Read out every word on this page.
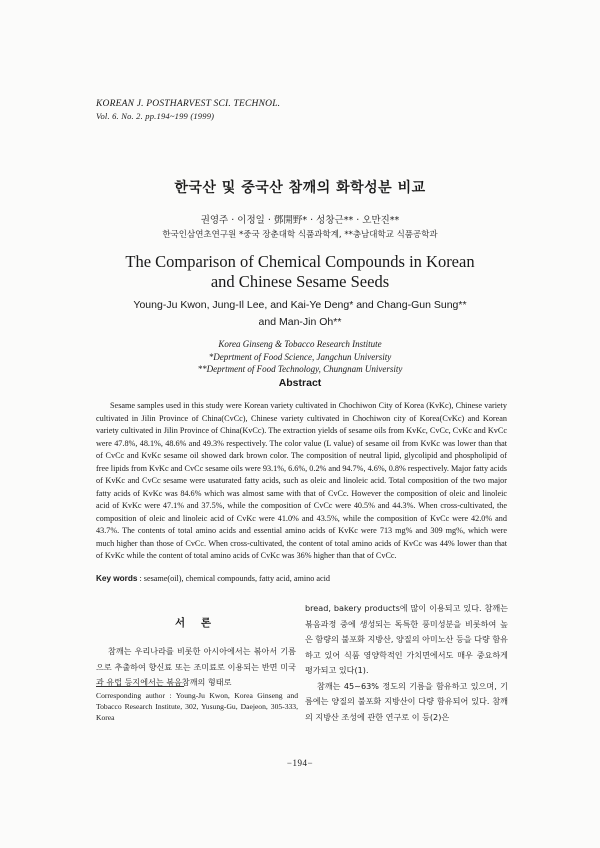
KOREAN J. POSTHARVEST SCI. TECHNOL.
Vol. 6. No. 2. pp.194~199 (1999)
한국산 및 중국산 참깨의 화학성분 비교
권영주 · 이정일 · 鄧開野* · 성창근** · 오만진**
한국인삼연초연구원 *중국 장춘대학 식품과학계, **충남대학교 식품공학과
The Comparison of Chemical Compounds in Korean
and Chinese Sesame Seeds
Young-Ju Kwon, Jung-Il Lee, and Kai-Ye Deng* and Chang-Gun Sung**
and Man-Jin Oh**
Korea Ginseng & Tobacco Research Institute
*Deprtment of Food Science, Jangchun University
**Deprtment of Food Technology, Chungnam University
Abstract

Sesame samples used in this study were Korean variety cultivated in Chochiwon City of Korea (KvKc), Chinese variety cultivated in Jilin Province of China(CvCc), Chinese variety cultivated in Chochiwon city of Korea(CvKc) and Korean variety cultivated in Jilin Province of China(KvCc). The extraction yields of sesame oils from KvKc, CvCc, CvKc and KvCc were 47.8%, 48.1%, 48.6% and 49.3% respectively. The color value (L value) of sesame oil from KvKc was lower than that of CvCc and KvKc sesame oil showed dark brown color. The composition of neutral lipid, glycolipid and phospholipid of free lipids from KvKc and CvCc sesame oils were 93.1%, 6.6%, 0.2% and 94.7%, 4.6%, 0.8% respectively. Major fatty acids of KvKc and CvCc sesame were usaturated fatty acids, such as oleic and linoleic acid. Total composition of the two major fatty acids of KvKc was 84.6% which was almost same with that of CvCc. However the composition of oleic and linoleic acid of KvKc were 47.1% and 37.5%, while the composition of CvCc were 40.5% and 44.3%. When cross-cultivated, the composition of oleic and linoleic acid of CvKc were 41.0% and 43.5%, while the composition of KvCc were 42.0% and 43.7%. The contents of total amino acids and essential amino acids of KvKc were 713 mg% and 309 mg%, which were much higher than those of CvCc. When cross-cultivated, the content of total amino acids of KvCc was 44% lower than that of KvKc while the content of total amino acids of CvKc was 36% higher than that of CvCc.

Key words : sesame(oil), chemical compounds, fatty acid, amino acid
서 론

참깨는 우리나라를 비롯한 아시아에서는 볶아서 기름으로 추출하여 향신료 또는 조미료로 이용되는 반면 미국과 유럽 등지에서는 볶음참깨의 형태로

Corresponding author : Young-Ju Kwon, Korea Ginseng and Tobacco Research Institute, 302, Yusung-Gu, Daejeon, 305-333, Korea

bread, bakery products에 많이 이용되고 있다. 참깨는 볶음과정 중에 생성되는 독특한 풍미성분을 비롯하여 높은 함량의 불포화 지방산, 양질의 아미노산 등을 다량 함유하고 있어 식품 영양학적인 가치면에서도 매우 중요하게 평가되고 있다(1).

참깨는 45~63% 정도의 기름을 함유하고 있으며, 기름에는 양질의 불포화 지방산이 다량 함유되어 있다. 참깨의 지방산 조성에 관한 연구로 이 등(2)은

−194−
